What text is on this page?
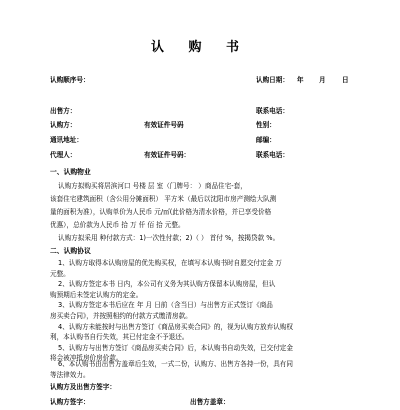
认 购 书
认购顺序号：	认购日期： 年 月 日
出售方：	联系电话：
认购方：	有效证件号码	性别：
通讯地址：	邮编：
代理人：	有效证件号码：	联系电话：
一、认购物业
认购方拟购买将居滨河口 号楼 层 室（门牌号： ）商品住宅-套，
该套住宅建筑面积（含公用分摊面积） 平方米（最后以沈阳市房产测绘大队测
量的面积为准），认购单价为人民币 元/㎡(此价格为清水价格，并已享受价格
优惠），总价款为人民币 拾 万 仟 佰 拾 元整。
认购方拟采用 种付款方式：1)一次性付款；2)（ ） 首付 %，按揭贷款 %。
二、认购协议
1、认购方取得本认购房屋的优先购买权，在填写本认购书时自愿交付定金 万
元整。
2、认购方签定本书 日内，本公司有义务为其认购方保留本认购房屋，但认
购预期后未签定认购方的定金。
3、认购方签定本书后应在 年 月 日前（含当日）与出售方正式签订《商品
房买卖合同》，并按照相约的付款方式缴清房款。
4、认购方未能按时与出售方签订《商品房买卖合同》的，视为认购方放弃认购权
利，本认购书自行失效，其已付定金不予退还。
5、认购方与出售方签订《商品房买卖合同》后，本认购书自动失效，已交付定金
将会被冲抵房价房价款。
6、本认购书由出售方盖章后生效，一式二份，认购方、出售方各持一份，具有同
等法律效力。
认购方及出售方签字：
认购方签字：	出售方盖章：
